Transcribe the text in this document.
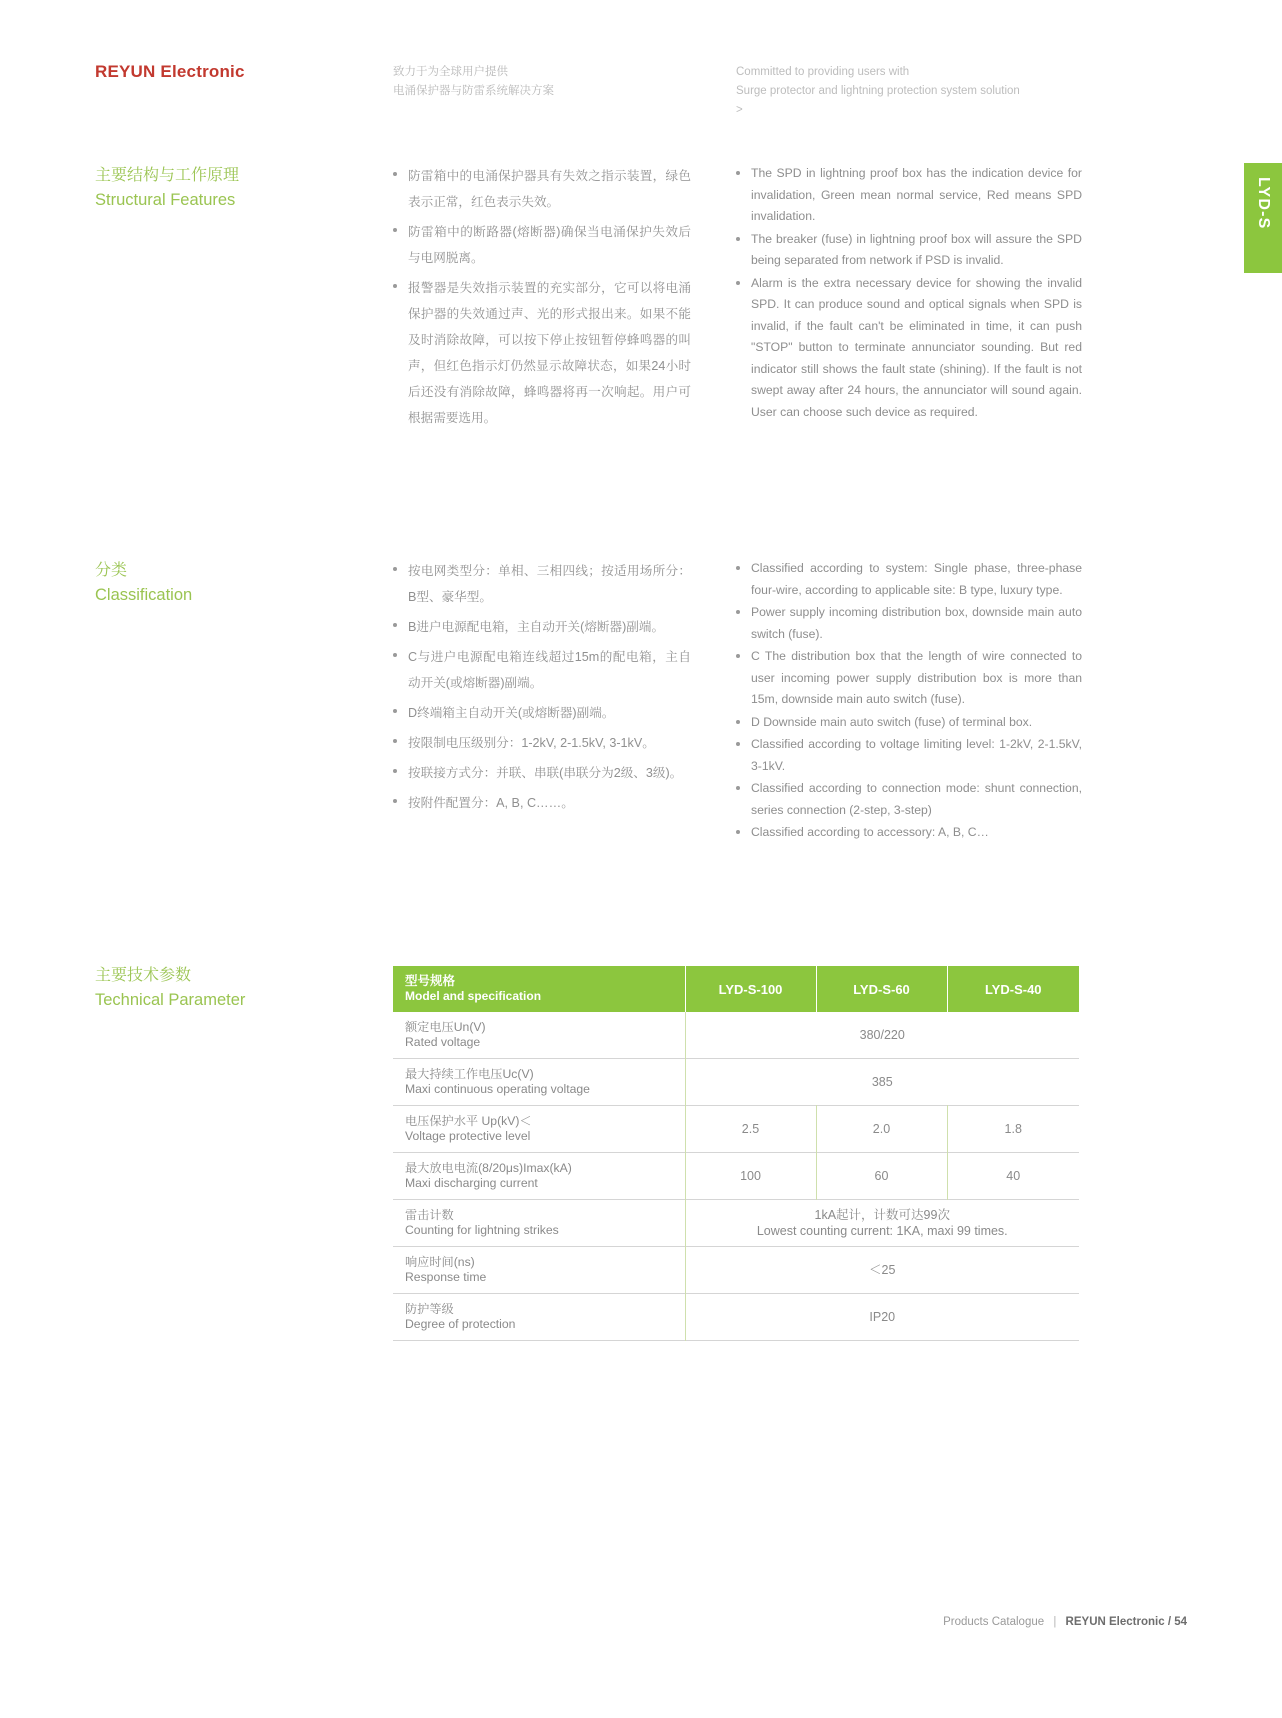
REYUN Electronic	致力于为全球用户提供
电涌保护器与防雷系统解决方案
Committed to providing users with
Surge protector and lightning protection system solution
>
LYD-S
主要结构与工作原理
Structural Features
防雷箱中的电涌保护器具有失效之指示装置，绿色表示正常，红色表示失效。
防雷箱中的断路器(熔断器)确保当电涌保护失效后与电网脱离。
报警器是失效指示装置的充实部分，它可以将电涌保护器的失效通过声、光的形式报出来。如果不能及时消除故障，可以按下停止按钮暂停蜂鸣器的叫声，但红色指示灯仍然显示故障状态，如果24小时后还没有消除故障，蜂鸣器将再一次响起。用户可根据需要选用。
The SPD in lightning proof box has the indication device for invalidation, Green mean normal service, Red means SPD invalidation.
The breaker (fuse) in lightning proof box will assure the SPD being separated from network if PSD is invalid.
Alarm is the extra necessary device for showing the invalid SPD. It can produce sound and optical signals when SPD is invalid, if the fault can't be eliminated in time, it can push "STOP" button to terminate annunciator sounding. But red indicator still shows the fault state (shining). If the fault is not swept away after 24 hours, the annunciator will sound again. User can choose such device as required.
分类
Classification
按电网类型分：单相、三相四线；按适用场所分：B型、豪华型。
B进户电源配电箱，主自动开关(熔断器)副端。
C与进户电源配电箱连线超过15m的配电箱，主自动开关(或熔断器)副端。
D终端箱主自动开关(或熔断器)副端。
按限制电压级别分：1-2kV, 2-1.5kV, 3-1kV。
按联接方式分：并联、串联(串联分为2级、3级)。
按附件配置分：A, B, C……。
Classified according to system: Single phase, three-phase four-wire, according to applicable site: B type, luxury type.
Power supply incoming distribution box, downside main auto switch (fuse).
C The distribution box that the length of wire connected to user incoming power supply distribution box is more than 15m, downside main auto switch (fuse).
D Downside main auto switch (fuse) of terminal box.
Classified according to voltage limiting level: 1-2kV, 2-1.5kV, 3-1kV.
Classified according to connection mode: shunt connection, series connection (2-step, 3-step)
Classified according to accessory: A, B, C…
主要技术参数
Technical Parameter
型号规格
Model and specification	LYD-S-100	LYD-S-60	LYD-S-40

额定电压Un(V)
Rated voltage	380/220		

最大持续工作电压Uc(V)
Maxi continuous operating voltage	385		

电压保护水平 Up(kV)＜
Voltage protective level	2.5	2.0	1.8

最大放电电流(8/20μs)Imax(kA)
Maxi discharging current	100	60	40

雷击计数
Counting for lightning strikes	1kA起计，计数可达99次
Lowest counting current: 1KA, maxi 99 times.		

响应时间(ns)
Response time	＜25		

防护等级
Degree of protection	IP20		
Products Catalogue | REYUN Electronic / 54
